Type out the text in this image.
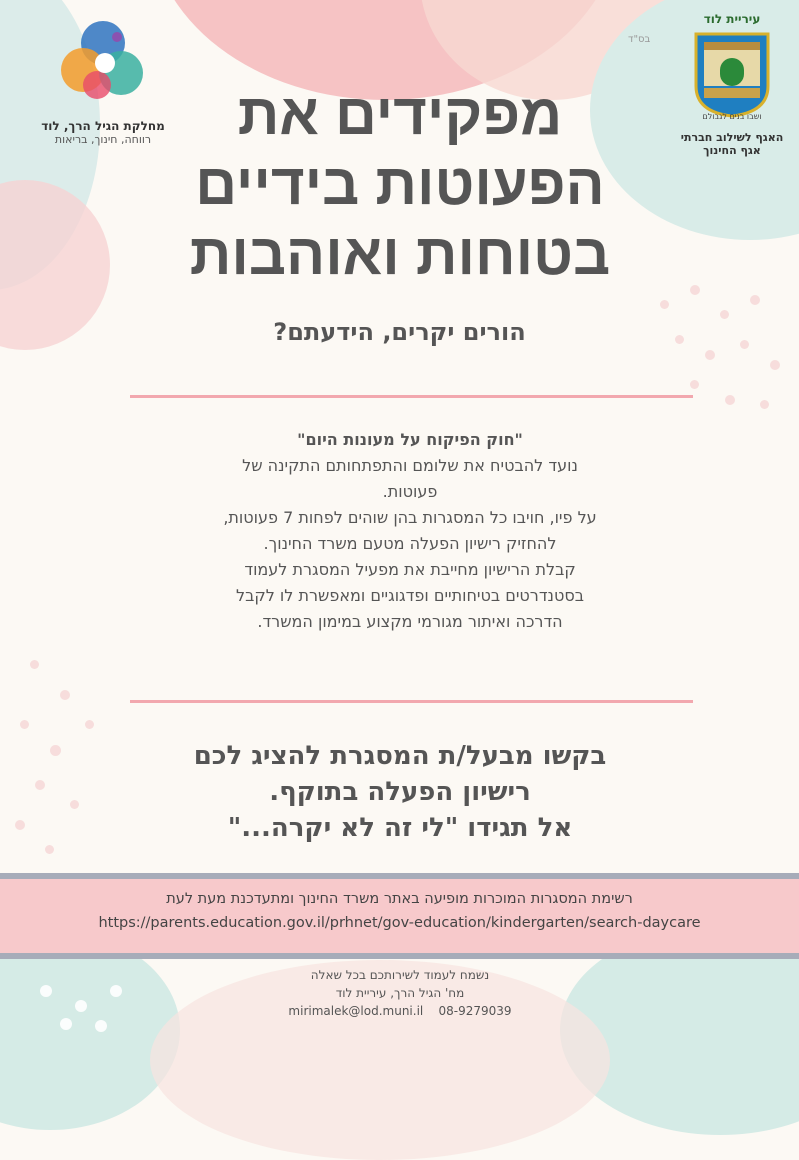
בס"ד
מחלקת הגיל הרך, לוד
רווחה, חינוך, בריאות
עיריית לוד
ושבו בנים לגבולם
האגף לשילוב חברתי
אגף החינוך
מפקידים את
הפעוטות בידיים
בטוחות ואוהבות
הורים יקרים, הידעתם?
"חוק הפיקוח על מעונות היום"
נועד להבטיח את שלומם והתפתחותם התקינה של
פעוטות.
על פיו, חויבו כל המסגרות בהן שוהים לפחות 7 פעוטות,
להחזיק רישיון הפעלה מטעם משרד החינוך.
קבלת הרישיון מחייבת את מפעיל המסגרת לעמוד
בסטנדרטים בטיחותיים ופדגוגיים ומאפשרת לו לקבל
הדרכה ואיתור מגורמי מקצוע במימון המשרד.
בקשו מבעל/ת המסגרת להציג לכם
רישיון הפעלה בתוקף.
אל תגידו "לי זה לא יקרה..."
רשימת המסגרות המוכרות מופיעה באתר משרד החינוך ומתעדכנת מעת לעת
https://parents.education.gov.il/prhnet/gov-education/kindergarten/search-daycare
נשמח לעמוד לשירותכם בכל שאלה
מח' הגיל הרך, עיריית לוד
mirimalek@lod.muni.il 08-9279039
